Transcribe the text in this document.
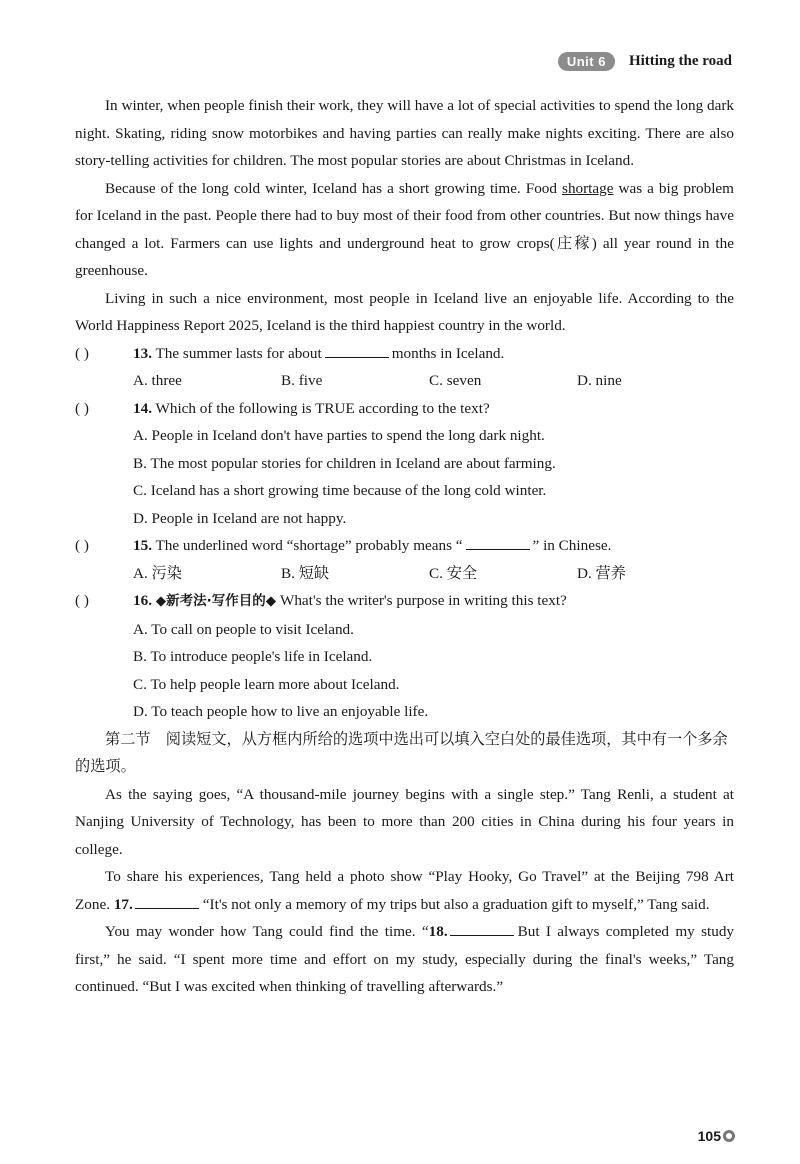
Unit 6	Hitting the road

In winter, when people finish their work, they will have a lot of special activities to spend the long dark night. Skating, riding snow motorbikes and having parties can really make nights exciting. There are also story-telling activities for children. The most popular stories are about Christmas in Iceland.

Because of the long cold winter, Iceland has a short growing time. Food shortage was a big problem for Iceland in the past. People there had to buy most of their food from other countries. But now things have changed a lot. Farmers can use lights and underground heat to grow crops(庄稼) all year round in the greenhouse.

Living in such a nice environment, most people in Iceland live an enjoyable life. According to the World Happiness Report 2025, Iceland is the third happiest country in the world.

( )	13. The summer lasts for about	months in Iceland.
A. three	B. five	C. seven	D. nine
( )	14. Which of the following is TRUE according to the text?
A. People in Iceland don't have parties to spend the long dark night.
B. The most popular stories for children in Iceland are about farming.
C. Iceland has a short growing time because of the long cold winter.
D. People in Iceland are not happy.
( )	15. The underlined word “shortage” probably means “	” in Chinese.
A. 污染	B. 短缺	C. 安全	D. 营养
( )	16. ◆新考法·写作目的◆ What's the writer's purpose in writing this text?
A. To call on people to visit Iceland.
B. To introduce people's life in Iceland.
C. To help people learn more about Iceland.
D. To teach people how to live an enjoyable life.

第二节　阅读短文，从方框内所给的选项中选出可以填入空白处的最佳选项，其中有一个多余的选项。

As the saying goes, “A thousand-mile journey begins with a single step.” Tang Renli, a student at Nanjing University of Technology, has been to more than 200 cities in China during his four years in college.

To share his experiences, Tang held a photo show “Play Hooky, Go Travel” at the Beijing 798 Art Zone. 17.	“It's not only a memory of my trips but also a graduation gift to myself,” Tang said.

You may wonder how Tang could find the time. “18.	But I always completed my study first,” he said. “I spent more time and effort on my study, especially during the final's weeks,” Tang continued. “But I was excited when thinking of travelling afterwards.”

105
